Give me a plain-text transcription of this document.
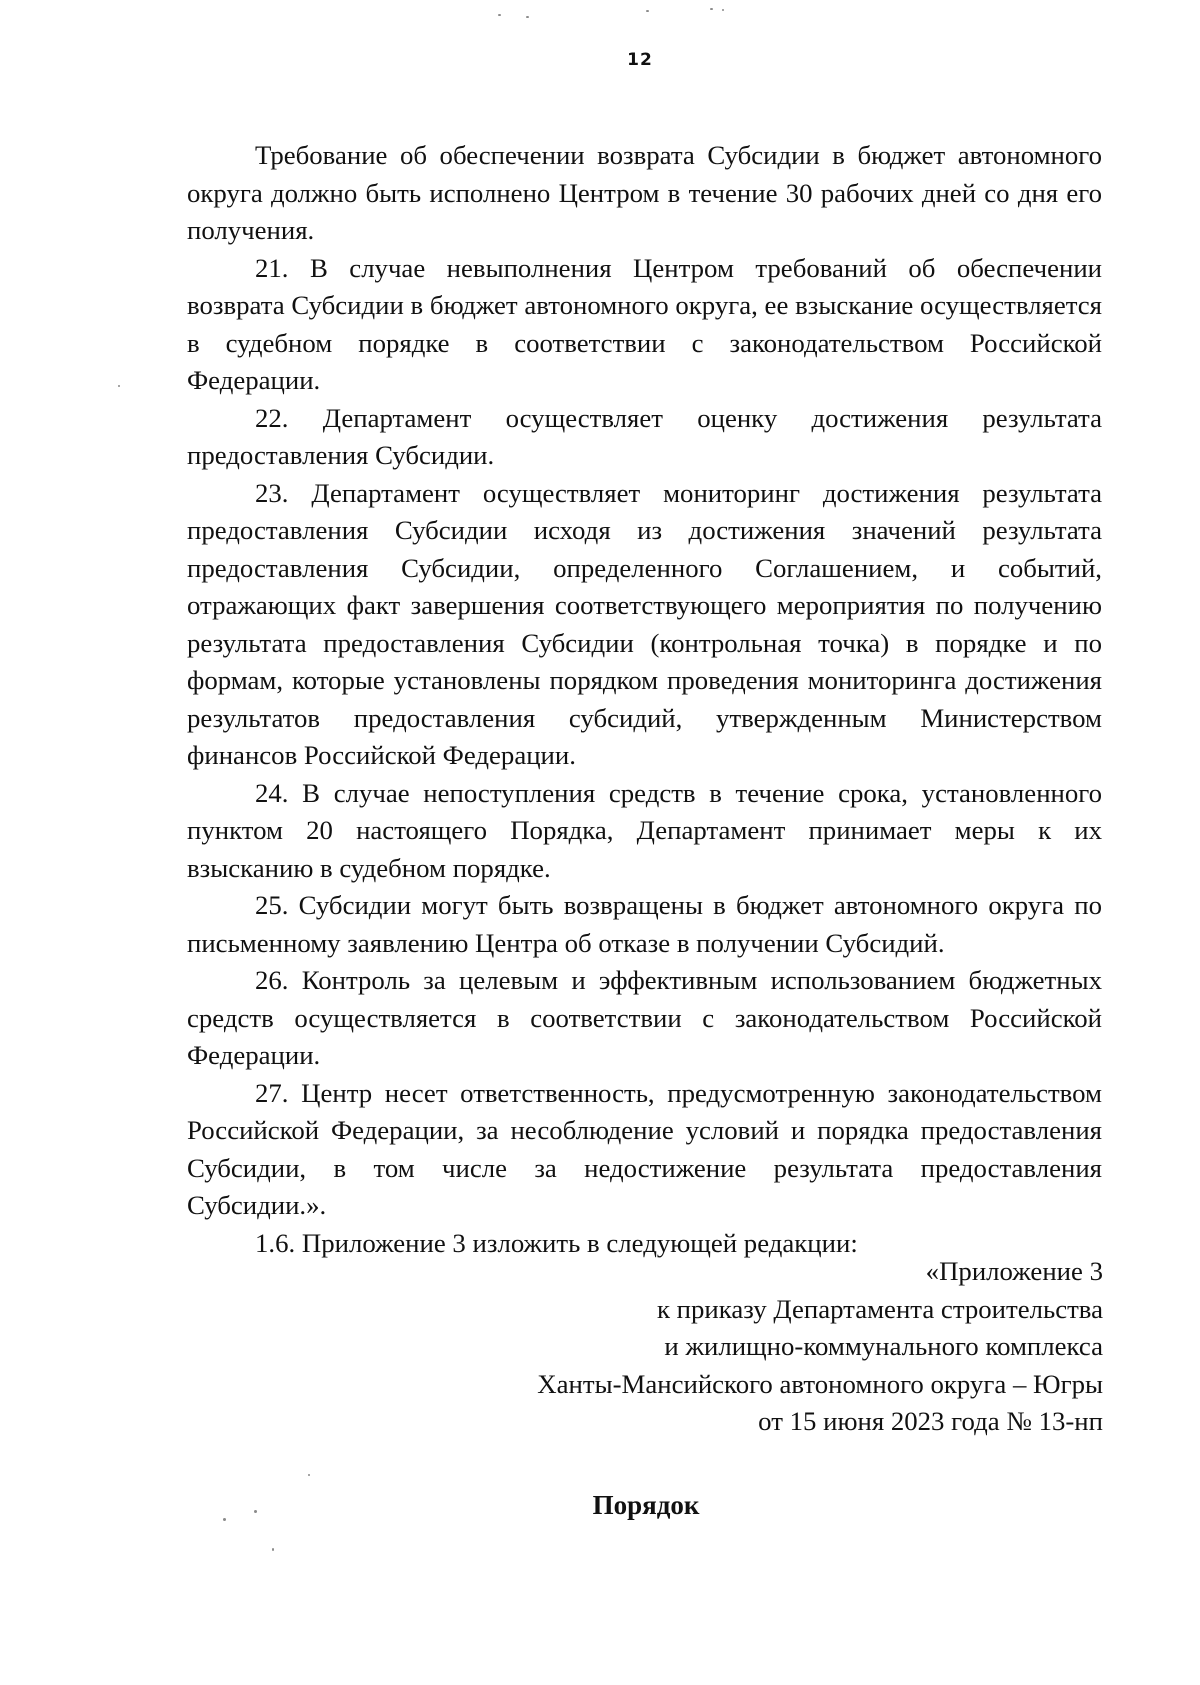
12

Требование об обеспечении возврата Субсидии в бюджет автономного округа должно быть исполнено Центром в течение 30 рабочих дней со дня его получения.

21. В случае невыполнения Центром требований об обеспечении возврата Субсидии в бюджет автономного округа, ее взыскание осуществляется в судебном порядке в соответствии с законодательством Российской Федерации.

22. Департамент осуществляет оценку достижения результата предоставления Субсидии.

23. Департамент осуществляет мониторинг достижения результата предоставления Субсидии исходя из достижения значений результата предоставления Субсидии, определенного Соглашением, и событий, отражающих факт завершения соответствующего мероприятия по получению результата предоставления Субсидии (контрольная точка) в порядке и по формам, которые установлены порядком проведения мониторинга достижения результатов предоставления субсидий, утвержденным Министерством финансов Российской Федерации.

24. В случае непоступления средств в течение срока, установленного пунктом 20 настоящего Порядка, Департамент принимает меры к их взысканию в судебном порядке.

25. Субсидии могут быть возвращены в бюджет автономного округа по письменному заявлению Центра об отказе в получении Субсидий.

26. Контроль за целевым и эффективным использованием бюджетных средств осуществляется в соответствии с законодательством Российской Федерации.

27. Центр несет ответственность, предусмотренную законодательством Российской Федерации, за несоблюдение условий и порядка предоставления Субсидии, в том числе за недостижение результата предоставления Субсидии.».

1.6. Приложение 3 изложить в следующей редакции:

«Приложение 3
к приказу Департамента строительства
и жилищно-коммунального комплекса
Ханты-Мансийского автономного округа – Югры
от 15 июня 2023 года № 13-нп
Порядок
